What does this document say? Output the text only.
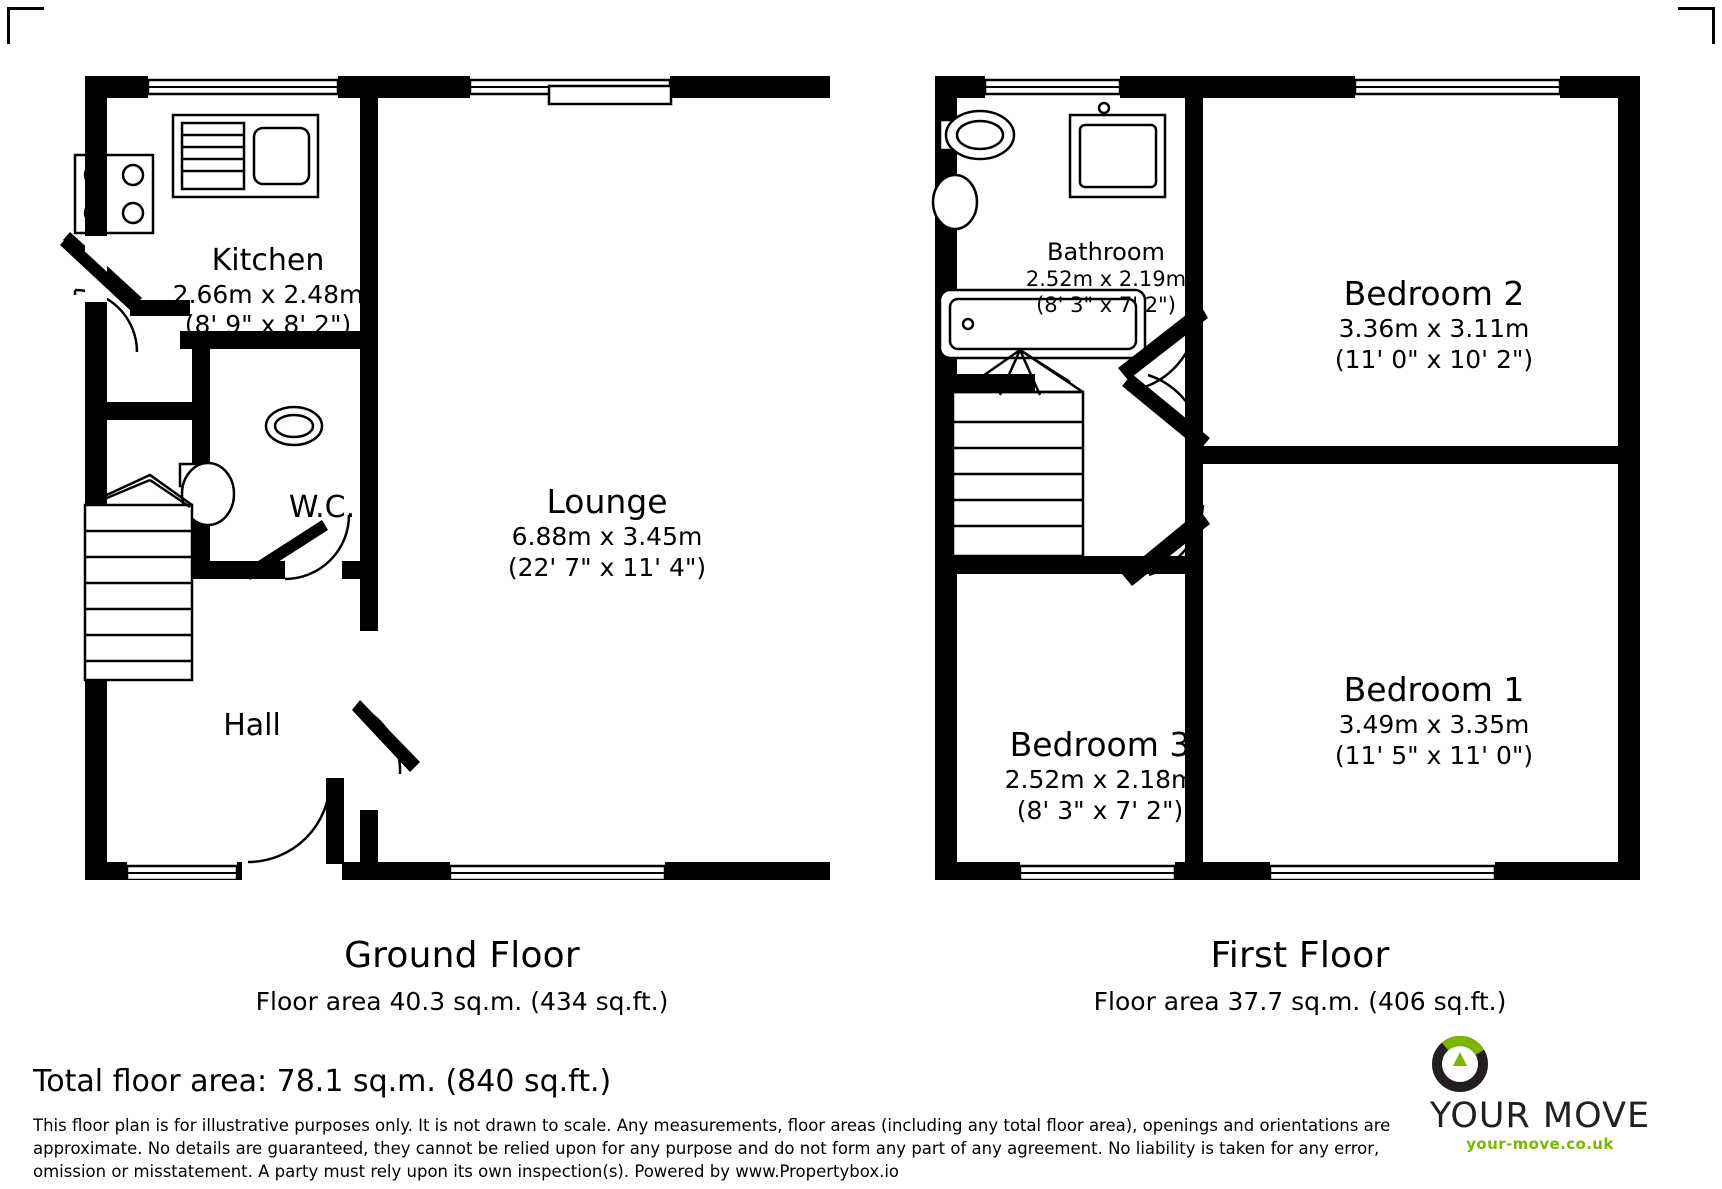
Kitchen
2.66m x 2.48m
(8' 9" x 8' 2")
W.C.	Lounge
6.88m x 3.45m
(22' 7" x 11' 4")
Hall
Bathroom
2.52m x 2.19m
(8' 3" x 7' 2")	Bedroom 2
3.36m x 3.11m
(11' 0" x 10' 2")
Bedroom 1
3.49m x 3.35m
(11' 5" x 11' 0")
Bedroom 3
2.52m x 2.18m
(8' 3" x 7' 2")
Ground Floor
Floor area 40.3 sq.m. (434 sq.ft.)
First Floor
Floor area 37.7 sq.m. (406 sq.ft.)
Total floor area: 78.1 sq.m. (840 sq.ft.)
This floor plan is for illustrative purposes only. It is not drawn to scale. Any measurements, floor areas (including any total floor area), openings and orientations are approximate. No details are guaranteed, they cannot be relied upon for any purpose and do not form any part of any agreement. No liability is taken for any error, omission or misstatement. A party must rely upon its own inspection(s). Powered by www.Propertybox.io
YOUR MOVE
your-move.co.uk
